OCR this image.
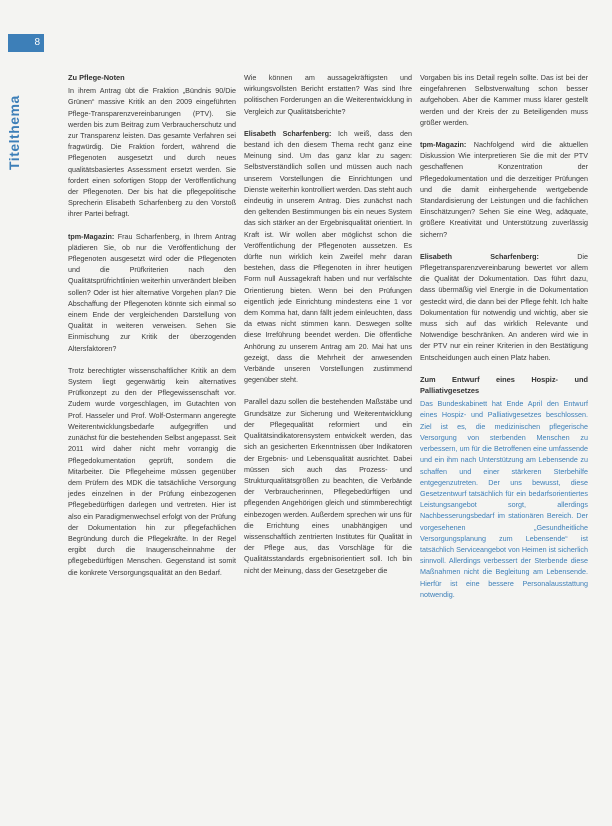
8
Titelthema
Zu Pflege-Noten

In ihrem Antrag übt die Fraktion „Bündnis 90/Die Grünen“ massive Kritik an den 2009 eingeführten Pflege-Transparenzvereinbarungen (PTV). Sie werden bis zum Beitrag zum Verbraucherschutz und zur Transparenz leisten. Das gesamte Verfahren sei fragwürdig. Die Fraktion fordert, während die Pflegenoten ausgesetzt und durch neues qualitätsbasiertes Assessment ersetzt werden. Sie fordert einen sofortigen Stopp der Veröffentlichung der Pflegenoten. Der bis hat die pflegepolitische Sprecherin Elisabeth Scharfenberg zu den Vorstoß ihrer Partei befragt.

tpm-Magazin: Frau Scharfenberg, in Ihrem Antrag plädieren Sie, ob nur die Veröffentlichung der Pflegenoten ausgesetzt wird oder die Pflegenoten und die Prüfkriterien nach den Qualitätsprüfrichtlinien weiterhin unverändert bleiben sollen? Oder ist hier alternative Vorgehen plan? Die Abschaffung der Pflegenoten könnte sich einmal so einem Ende der vergleichenden Darstellung von Qualität in weiteren verweisen. Sehen Sie Einmischung zur Kritik der überzogenden Altersfaktoren?

Trotz berechtigter wissenschaftlicher Kritik an dem System liegt gegenwärtig kein alternatives Prüfkonzept zu den der Pflegewissenschaft vor. Zudem wurde vorgeschlagen, im Gutachten von Prof. Hasseler und Prof. Wolf-Ostermann angeregte Weiterentwicklungsbedarfe aufgegriffen und zunächst für die bestehenden Selbst angepasst. Seit 2011 wird daher nicht mehr vorrangig die Pflegedokumentation geprüft, sondern die Mitarbeiter. Die Pflegeheime müssen gegenüber dem Prüfern des MDK die tatsächliche Versorgung jedes einzelnen in der Prüfung einbezogenen Pflegebedürftigen darlegen und vertreten. Hier ist also ein Paradigmenwechsel erfolgt von der Prüfung der Dokumentation hin zur pflegefachlichen Begründung durch die Pflegekräfte. In der Regel ergibt durch die Inaugenscheinnahme der pflegebedürftigen Menschen. Gegenstand ist somit die konkrete Versorgungsqualität an den Bedarf.

Wie können am aussagekräftigsten und wirkungsvollsten Bericht erstatten? Was sind Ihre politischen Forderungen an die Weiterentwicklung in Vergleich zur Qualitätsberichte?

Elisabeth Scharfenberg: Ich weiß, dass den bestand ich den diesem Thema recht ganz eine Meinung sind. Um das ganz klar zu sagen: Selbstverständlich sollen und müssen auch nach unserem Vorstellungen die Einrichtungen und Dienste weiterhin kontrolliert werden. Das steht auch eindeutig in unserem Antrag. Dies zunächst nach den geltenden Bestimmungen bis ein neues System das sich stärker an der Ergebnisqualität orientiert. In Kraft ist. Wir wollen aber möglichst schon die Veröffentlichung der Pflegenoten aussetzen. Es dürfte nun wirklich kein Zweifel mehr daran bestehen, dass die Pflegenoten in ihrer heutigen Form null Aussagekraft haben und nur verfälschte Orientierung bieten. Wenn bei den Prüfungen eigentlich jede Einrichtung mindestens eine 1 vor dem Komma hat, dann fällt jedem einleuchten, dass da etwas nicht stimmen kann. Deswegen sollte diese Irreführung beendet werden. Die öffentliche Anhörung zu unserem Antrag am 20. Mai hat uns gezeigt, dass die Mehrheit der anwesenden Verbände unseren Vorstellungen zustimmend gegenüber steht.

Parallel dazu sollen die bestehenden Maßstäbe und Grundsätze zur Sicherung und Weiterentwicklung der Pflegequalität reformiert und ein Qualitätsindikatorensystem entwickelt werden, das sich an gesicherten Erkenntnissen über Indikatoren der Ergebnis- und Lebensqualität ausrichtet. Dabei müssen sich auch das Prozess- und Strukturqualitätsgrößen zu beachten, die Verbände der Verbraucherinnen, Pflegebedürftigen und pflegenden Angehörigen gleich und stimmberechtigt einbezogen werden. Außerdem sprechen wir uns für die Errichtung eines unabhängigen und wissenschaftlich zentrierten Institutes für Qualität in der Pflege aus, das Vorschläge für die Qualitätsstandards ergebnisorientiert soll. Ich bin nicht der Meinung, dass der Gesetzgeber die

Vorgaben bis ins Detail regeln sollte. Das ist bei der eingefahrenen Selbstverwaltung schon besser aufgehoben. Aber die Kammer muss klarer gestellt werden und der Kreis der zu Beteiligenden muss größer werden.

tpm-Magazin: Nachfolgend wird die aktuellen Diskussion Wie interpretieren Sie die mit der PTV geschaffenen Konzentration der Pflegedokumentation und die derzeitiger Prüfungen und die damit einhergehende wertgebende Standardisierung der Leistungen und die fachlichen Einschätzungen? Sehen Sie eine Weg, adäquate, größere Kreativität und Unterstützung zuverlässig sichern?

Elisabeth Scharfenberg:	Die Pflegetransparenzvereinbarung bewertet vor allem die Qualität der Dokumentation. Das führt dazu, dass übermäßig viel Energie in die Dokumentation gesteckt wird, die dann bei der Pflege fehlt. Ich halte Dokumentation für notwendig und wichtig, aber sie muss sich auf das wirklich Relevante und Notwendige beschränken. An anderen wird wie in der PTV nur ein reiner Kriterien in den Bestätigung Entscheidungen auch einen Platz haben.

Zum Entwurf eines Hospiz- und Palliativgesetzes

Das Bundeskabinett hat Ende April den Entwurf eines Hospiz- und Palliativgesetzes beschlossen. Ziel ist es, die medizinischen pflegerische Versorgung von sterbenden Menschen zu verbessern, um für die Betroffenen eine umfassende und ein ihm nach Unterstützung am Lebensende zu schaffen und einer stärkeren Sterbehilfe entgegenzutreten. Der uns bewusst, diese Gesetzentwurf tatsächlich für ein bedarfsorientiertes Leistungsangebot sorgt, allerdings Nachbesserungsbedarf im stationären Bereich. Der vorgesehenen „Gesundheitliche Versorgungsplanung zum Lebensende“ ist tatsächlich Serviceangebot von Heimen ist sicherlich sinnvoll. Allerdings verbessert der Sterbende diese Maßnahmen nicht die Begleitung am Lebensende. Hierfür ist eine bessere Personalausstattung notwendig.
